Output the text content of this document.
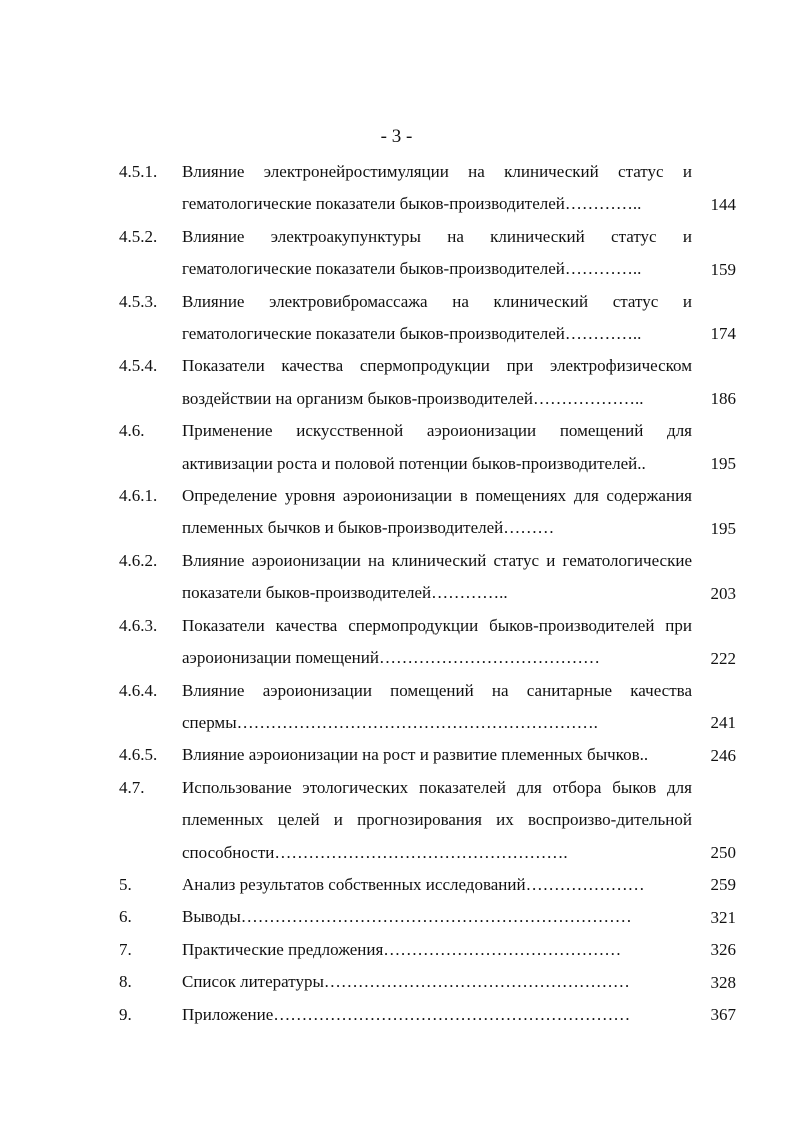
- 3 -
4.5.1. Влияние электронейростимуляции на клинический статус и гематологические показатели быков-производителей…………..	144
4.5.2. Влияние электроакупунктуры на клинический статус и гематологические показатели быков-производителей…………..	159
4.5.3. Влияние электровибромассажа на клинический статус и гематологические показатели быков-производителей…………..	174
4.5.4. Показатели качества спермопродукции при электрофизическом воздействии на организм быков-производителей………………..	186
4.6. Применение искусственной аэроионизации помещений для активизации роста и половой потенции быков-производителей..	195
4.6.1. Определение уровня аэроионизации в помещениях для содержания племенных бычков и быков-производителей………	195
4.6.2. Влияние аэроионизации на клинический статус и гематологические показатели быков-производителей…………..	203
4.6.3. Показатели качества спермопродукции быков-производителей при аэроионизации помещений…………………………………	222
4.6.4. Влияние аэроионизации помещений на санитарные качества спермы……………………………………………………….	241
4.6.5. Влияние аэроионизации на рост и развитие племенных бычков..	246
4.7. Использование этологических показателей для отбора быков для племенных целей и прогнозирования их воспроизво-дительной способности…………………………………………….	250
5.	Анализ результатов собственных исследований…………………	259
6.	Выводы……………………………………………………………	321
7.	Практические предложения……………………………………	326
8.	Список литературы………………………………………………	328
9.	Приложение………………………………………………………	367
